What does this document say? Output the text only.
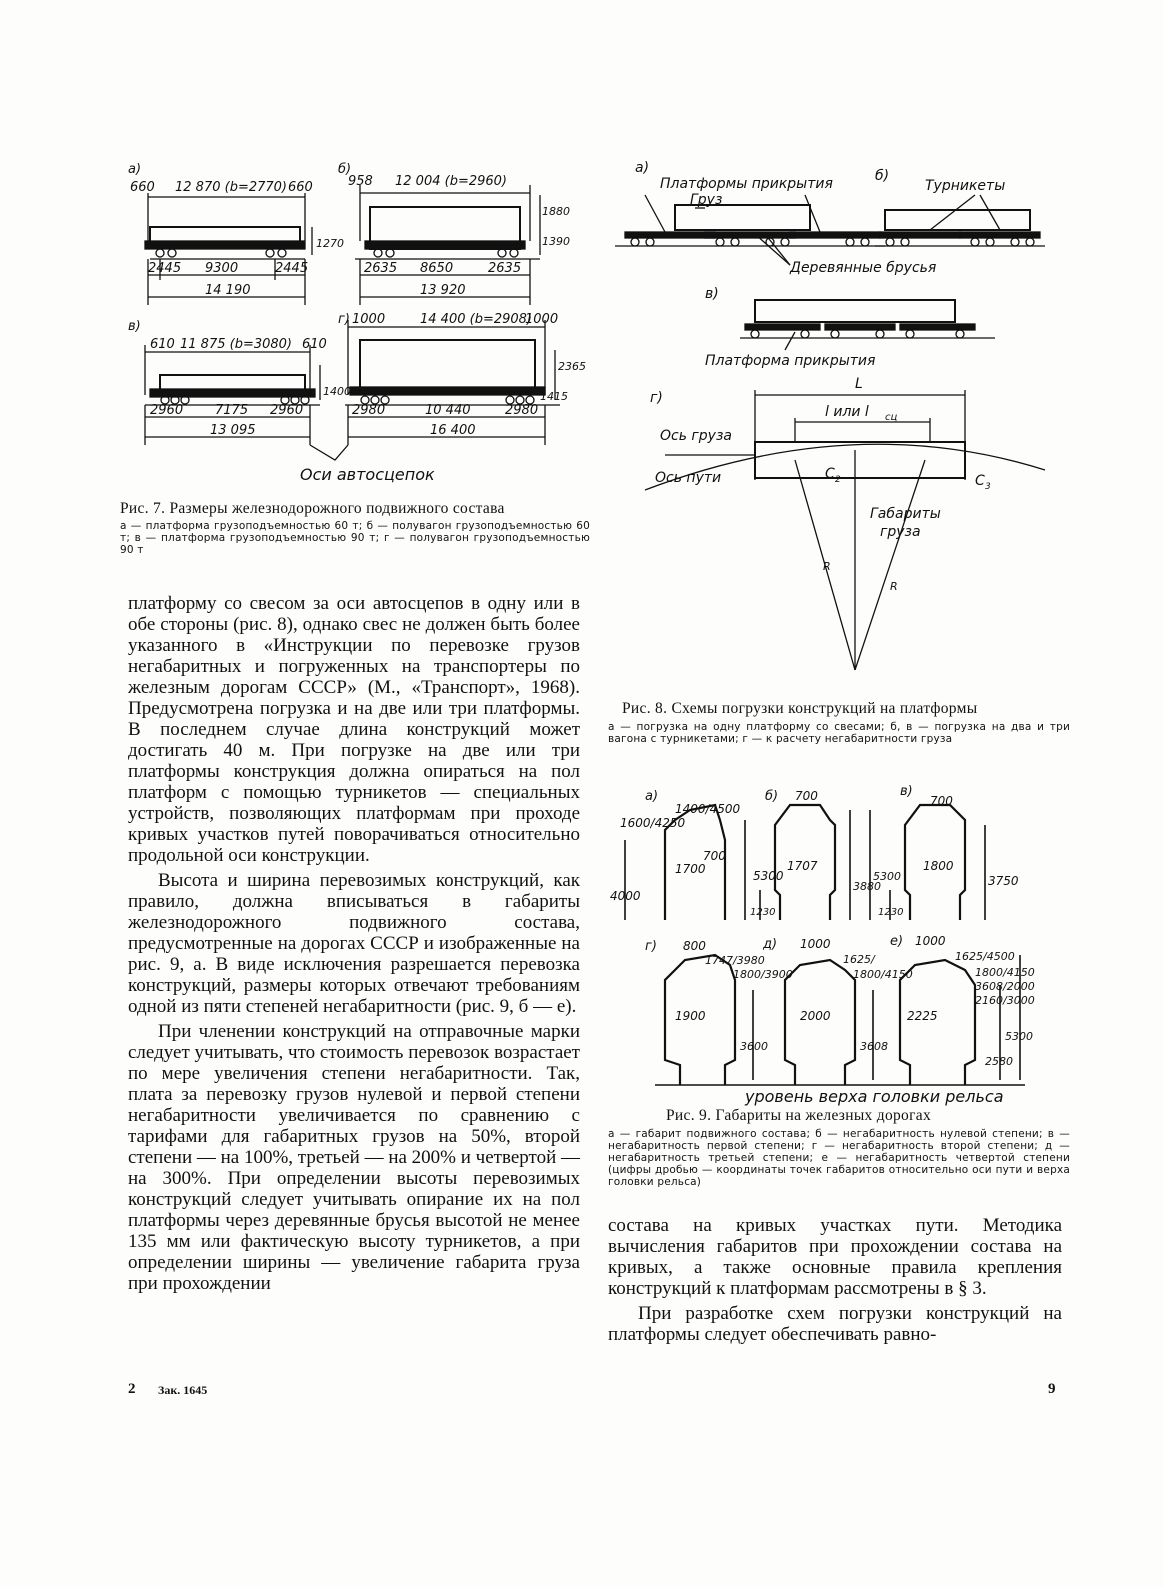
а)	б)
в)	г)
660 12 870 (b=2770) 660
1270
2445 9300	2445
14 190
958 12 004 (b=2960)
1880
1390
2635 8650	2635
13 920
610 11 875 (b=3080) 610
1400
2960 7175 2960
13 095
1000	14 400 (b=2908)
1000
2365
1415
2980	10 440	2980
16 400
Оси автосцепок
Рис. 7. Размеры железнодорожного подвижного состава
а — платформа грузоподъемностью 60 т; б — полувагон грузоподъемностью 60 т; в — платформа грузоподъемностью 90 т; г — полувагон грузоподъемностью 90 т
а)	б)
в)
г)
Платформы прикрытия
Груз
Турникеты
Деревянные брусья
Платформа прикрытия
L
l или l сц
Ось груза
Ось пути	C 2	C 3
Габариты
груза
R
R
Рис. 8. Схемы погрузки конструкций на платформы
а — погрузка на одну платформу со свесами; б, в — погрузка на два и три вагона с турникетами; г — к расчету негабаритности груза
а)	б)	в)
г)	д)	е)
1400/4500
1600/4250
700
1700	5300
4000
700
1707
3880
5300
1230
700
1800
3750
1230
800
1747/3980
1800/3900
1900
3600
1000
1625/
1800/4150
2000
3608
1000
1625/4500
1800/4150
3608/2000
2160/3000
2225
2580
5300
уровень верха головки рельса
Рис. 9. Габариты на железных дорогах
а — габарит подвижного состава; б — негабаритность нулевой степени; в — негабаритность первой степени; г — негабаритность второй степени; д — негабаритность третьей степени; е — негабаритность четвертой степени (цифры дробью — координаты точек габаритов относительно оси пути и верха головки рельса)

платформу со свесом за оси автосцепов в одну или в обе стороны (рис. 8), однако свес не должен быть более указанного в «Инструкции по перевозке грузов негабаритных и погруженных на транспортеры по железным дорогам СССР» (М., «Транспорт», 1968). Предусмотрена погрузка и на две или три платформы. В последнем случае длина конструкций может достигать 40 м. При погрузке на две или три платформы конструкция должна опираться на пол платформ с помощью турникетов — специальных устройств, позволяющих платформам при проходе кривых участков путей поворачиваться относительно продольной оси конструкции.

Высота и ширина перевозимых конструкций, как правило, должна вписываться в габариты железнодорожного подвижного состава, предусмотренные на дорогах СССР и изображенные на рис. 9, а. В виде исключения разрешается перевозка конструкций, размеры которых отвечают требованиям одной из пяти степеней негабаритности (рис. 9, б — е).

При членении конструкций на отправочные марки следует учитывать, что стоимость перевозок возрастает по мере увеличения степени негабаритности. Так, плата за перевозку грузов нулевой и первой степени негабаритности увеличивается по сравнению с тарифами для габаритных грузов на 50%, второй степени — на 100%, третьей — на 200% и четвертой — на 300%. При определении высоты перевозимых конструкций следует учитывать опирание их на пол платформы через деревянные брусья высотой не менее 135 мм или фактическую высоту турникетов, а при определении ширины — увеличение габарита груза при прохождении

состава на кривых участках пути. Методика вычисления габаритов при прохождении состава на кривых, а также основные правила крепления конструкций к платформам рассмотрены в § 3.

При разработке схем погрузки конструкций на платформы следует обеспечивать равно-

2 Зак. 1645	9
